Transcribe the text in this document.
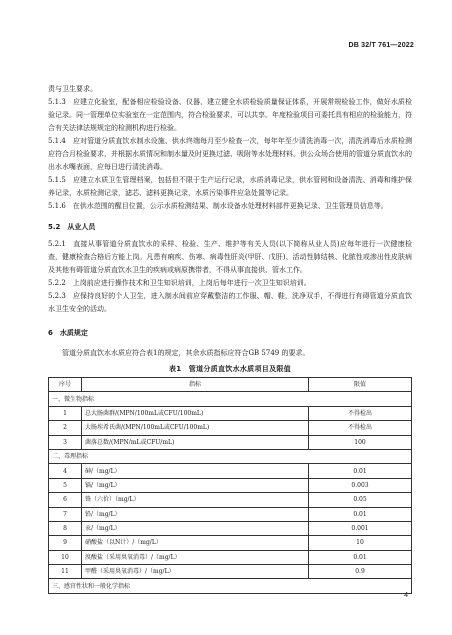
DB 32/T 761—2022

责与卫生要求。

5.1.3　应建立化验室，配备相应检验设备、仪器，建立健全水质检验质量保证体系，开展常规检验工作，做好水质检验记录。同一管理单位实验室在一定范围内，符合检验要求，可以共享。年度检验项目可委托具有相应的检验能力，符合有关法律法规规定的检测机构进行检验。

5.1.4　应对管道分质直饮水制水设施、供水终端每月至少检查一次，每年年至少清洗消毒一次，清洗消毒后水质检测应符合月检验要求，并根据水质情况和制水量及时更换过滤、吸附等水处理材料。供公众场合使用的管道分质直饮水的出水水嘴表面，应每日进行清洗消毒。

5.1.5　应建立水质卫生管理档案，包括但不限于生产运行记录，水质消毒记录，供水管网和设备清洗、消毒和维护保养记录，水质检测记录，滤芯、滤料更换记录，水质污染事件应急处置等记录。

5.1.6　在供水范围的醒目位置，公示水质检测结果、制水设备水处理材料部件更换记录、卫生管理员信息等。

5.2　从业人员

5.2.1　直接从事管道分质直饮水的采样、检验、生产、维护等有关人员(以下简称从业人员)应每年进行一次健康检查，健康检查合格后方能上岗。凡患有痢疾、伤寒、病毒性肝炎(甲肝、戊肝)、活动性肺结核、化脓性或渗出性皮肤病及其他有碍管道分质直饮水卫生的疾病或病原携带者，不得从事直接供、管水工作。

5.2.2　上岗前应进行操作技术和卫生知识培训，上岗后每年进行一次卫生知识培训。

5.2.3　应保持良好的个人卫生，进入制水间前应穿戴整洁的工作服、帽、鞋，洗净双手，不得进行有碍管道分质直饮水卫生安全的活动。

6　水质规定

管道分质直饮水水质应符合表1的规定，其余水质指标应符合GB 5749 的要求。

表1　管道分质直饮水水质项目及限值
序号	指标	限值
一、微生物指标		
1	总大肠菌群/(MPN/100mL或CFU/100mL)	不得检出
2	大肠埃希氏菌/(MPN/100mL或CFU/100mL)	不得检出
3	菌落总数/(MPN/mL或CFU/mL)	100
二、毒理指标		
4	砷/（mg/L）	0.01
5	镉/（mg/L）	0.003
6	铬（六价）（mg/L）	0.05
7	铅/（mg/L）	0.01
8	汞/（mg/L）	0.001
9	硝酸盐（以N计）/（mg/L）	10
10	溴酸盐（采用臭氧消毒）/（mg/L）	0.01
11	甲醛（采用臭氧消毒）/（mg/L）	0.9
三、感官性状和一般化学指标		
4
